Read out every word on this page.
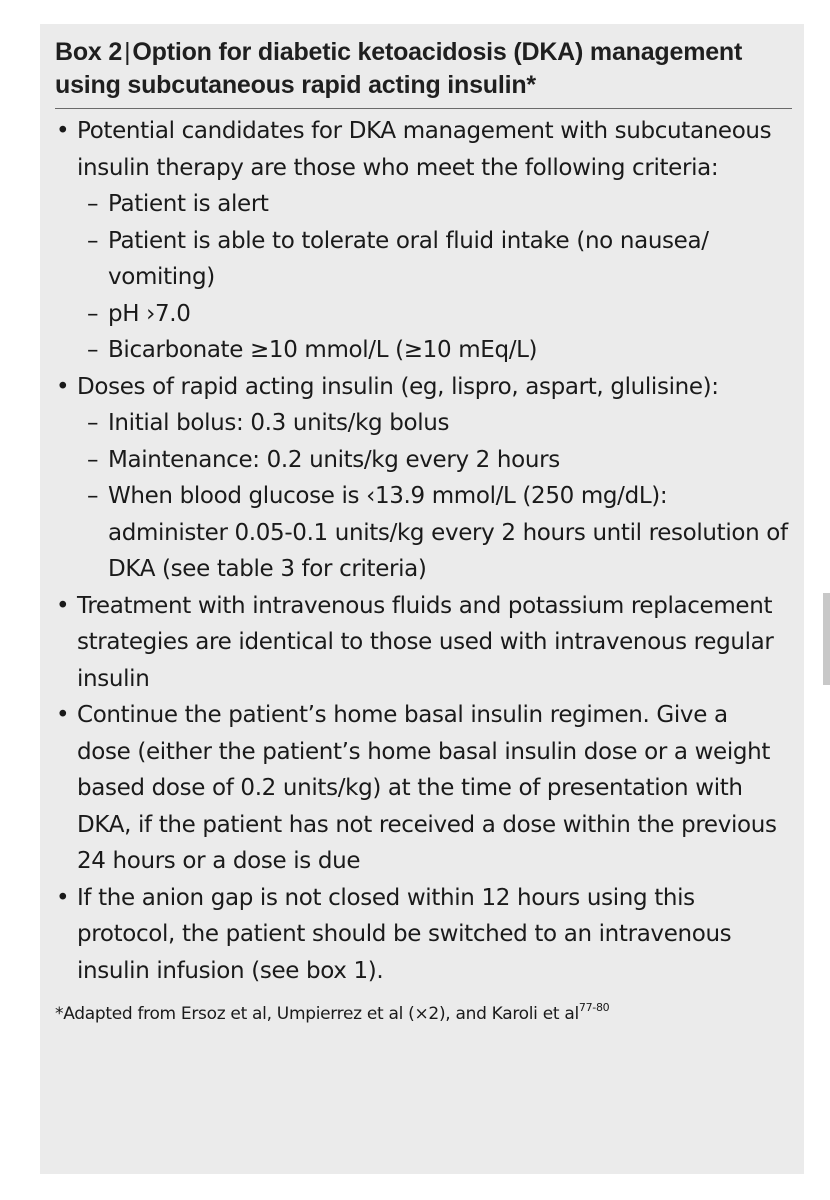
Box 2|Option for diabetic ketoacidosis (DKA) management using subcutaneous rapid acting insulin*
• Potential candidates for DKA management with subcutaneous insulin therapy are those who meet the following criteria:
– Patient is alert
– Patient is able to tolerate oral fluid intake (no nausea/ vomiting)
– pH ›7.0
– Bicarbonate ≥10 mmol/L (≥10 mEq/L)
• Doses of rapid acting insulin (eg, lispro, aspart, glulisine):
– Initial bolus: 0.3 units/kg bolus
– Maintenance: 0.2 units/kg every 2 hours
– When blood glucose is ‹13.9 mmol/L (250 mg/dL): administer 0.05-0.1 units/kg every 2 hours until resolution of DKA (see table 3 for criteria)
• Treatment with intravenous fluids and potassium replacement strategies are identical to those used with intravenous regular insulin
• Continue the patient’s home basal insulin regimen. Give a dose (either the patient’s home basal insulin dose or a weight based dose of 0.2 units/kg) at the time of presentation with DKA, if the patient has not received a dose within the previous 24 hours or a dose is due
• If the anion gap is not closed within 12 hours using this protocol, the patient should be switched to an intravenous insulin infusion (see box 1).
*Adapted from Ersoz et al, Umpierrez et al (×2), and Karoli et $al^{77-80}$
